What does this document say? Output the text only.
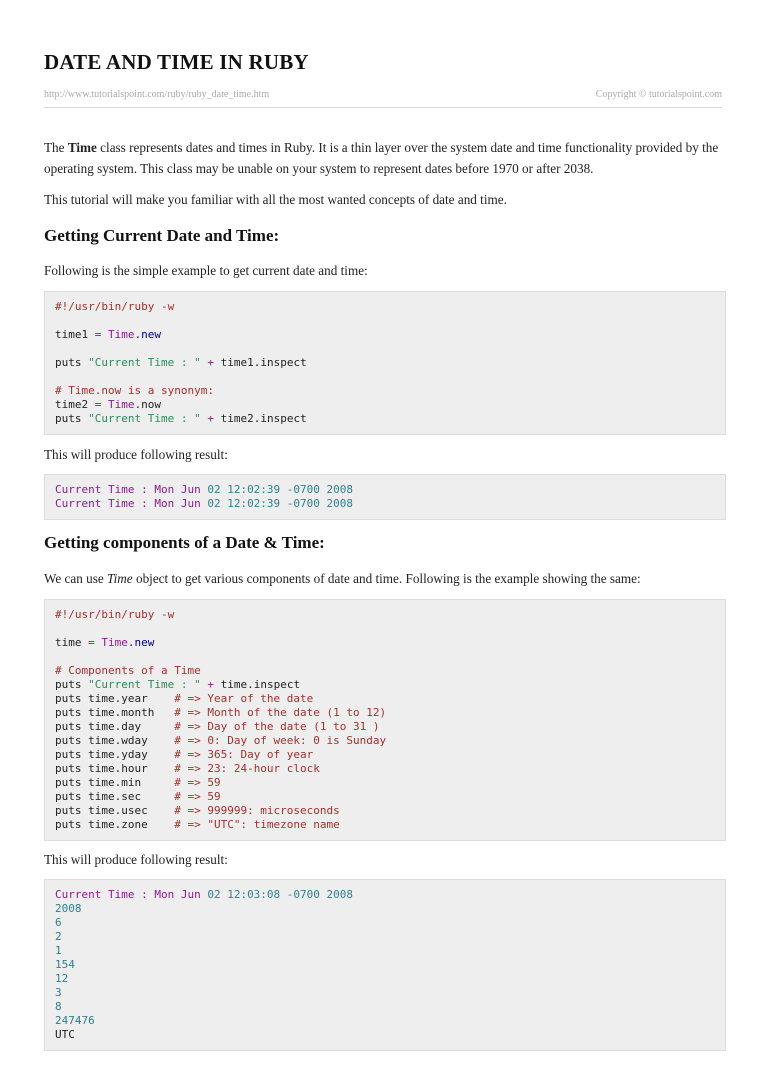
DATE AND TIME IN RUBY
http://www.tutorialspoint.com/ruby/ruby_date_time.htm	Copyright © tutorialspoint.com

The Time class represents dates and times in Ruby. It is a thin layer over the system date and time functionality provided by the operating system. This class may be unable on your system to represent dates before 1970 or after 2038.

This tutorial will make you familiar with all the most wanted concepts of date and time.

Getting Current Date and Time:

Following is the simple example to get current date and time:

#!/usr/bin/ruby -w
time1 = Time.new
puts "Current Time : " + time1.inspect
# Time.now is a synonym:
time2 = Time.now
puts "Current Time : " + time2.inspect

This will produce following result:

Current Time : Mon Jun 02 12:02:39 -0700 2008
Current Time : Mon Jun 02 12:02:39 -0700 2008
Getting components of a Date & Time:

We can use Time object to get various components of date and time. Following is the example showing the same:

#!/usr/bin/ruby -w
time = Time.new
# Components of a Time
puts "Current Time : " + time.inspect
puts time.year    # => Year of the date
puts time.month   # => Month of the date (1 to 12)
puts time.day     # => Day of the date (1 to 31 )
puts time.wday    # => 0: Day of week: 0 is Sunday
puts time.yday    # => 365: Day of year
puts time.hour    # => 23: 24-hour clock
puts time.min     # => 59
puts time.sec     # => 59
puts time.usec    # => 999999: microseconds
puts time.zone    # => "UTC": timezone name

This will produce following result:

Current Time : Mon Jun 02 12:03:08 -0700 2008
2008
6
2
1
154
12
3
8
247476
UTC
